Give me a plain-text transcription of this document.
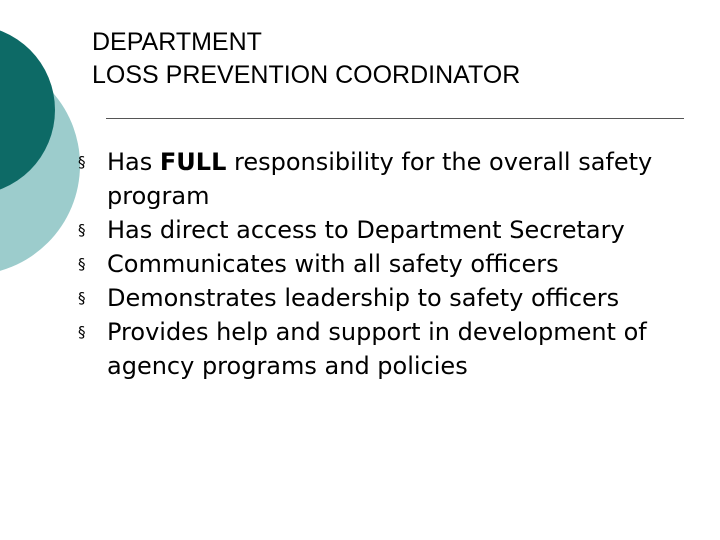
DEPARTMENT
LOSS PREVENTION COORDINATOR
§ Has FULL responsibility for the overall safety program
§ Has direct access to Department Secretary
§ Communicates with all safety officers
§ Demonstrates leadership to safety officers
§ Provides help and support in development of agency programs and policies
